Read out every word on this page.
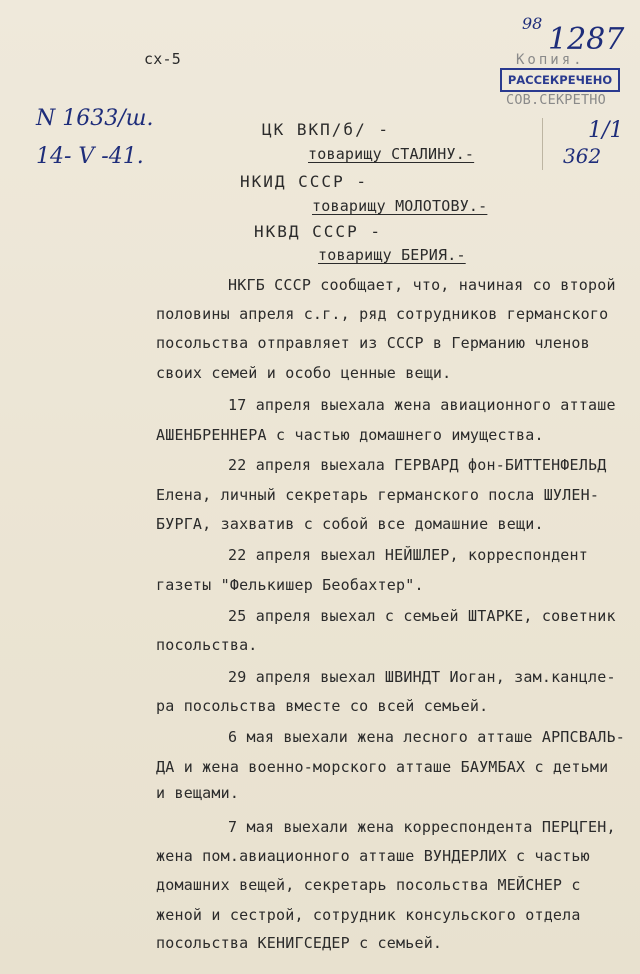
сх-5
98 1287
Копия.
СОВ.СЕКРЕТНО
РАССЕКРЕЧЕНО
1/1
362
N 1633/ш.
14- V -41.
ЦК ВКП/б/ -
товарищу СТАЛИНУ.-
НКИД СССР -
товарищу МОЛОТОВУ.-
НКВД СССР -
товарищу БЕРИЯ.-
НКГБ СССР сообщает, что, начиная со второй
половины апреля с.г., ряд сотрудников германского
посольства отправляет из СССР в Германию членов
своих семей и особо ценные вещи.
17 апреля выехала жена авиационного атташе
АШЕНБРЕННЕРА с частью домашнего имущества.
22 апреля выехала ГЕРВАРД фон-БИТТЕНФЕЛЬД
Елена, личный секретарь германского посла ШУЛЕН-
БУРГА, захватив с собой все домашние вещи.
22 апреля выехал НЕЙШЛЕР, корреспондент
газеты "Фелькишер Беобахтер".
25 апреля выехал с семьей ШТАРКЕ, советник
посольства.
29 апреля выехал ШВИНДТ Иоган, зам.канцле-
ра посольства вместе со всей семьей.
6 мая выехали жена лесного атташе АРПСВАЛЬ-
ДА и жена военно-морского атташе БАУМБАХ с детьми
и вещами.
7 мая выехали жена корреспондента ПЕРЦГЕН,
жена пом.авиационного атташе ВУНДЕРЛИХ с частью
домашних вещей, секретарь посольства МЕЙСНЕР с
женой и сестрой, сотрудник консульского отдела
посольства КЕНИГСЕДЕР с семьей.
